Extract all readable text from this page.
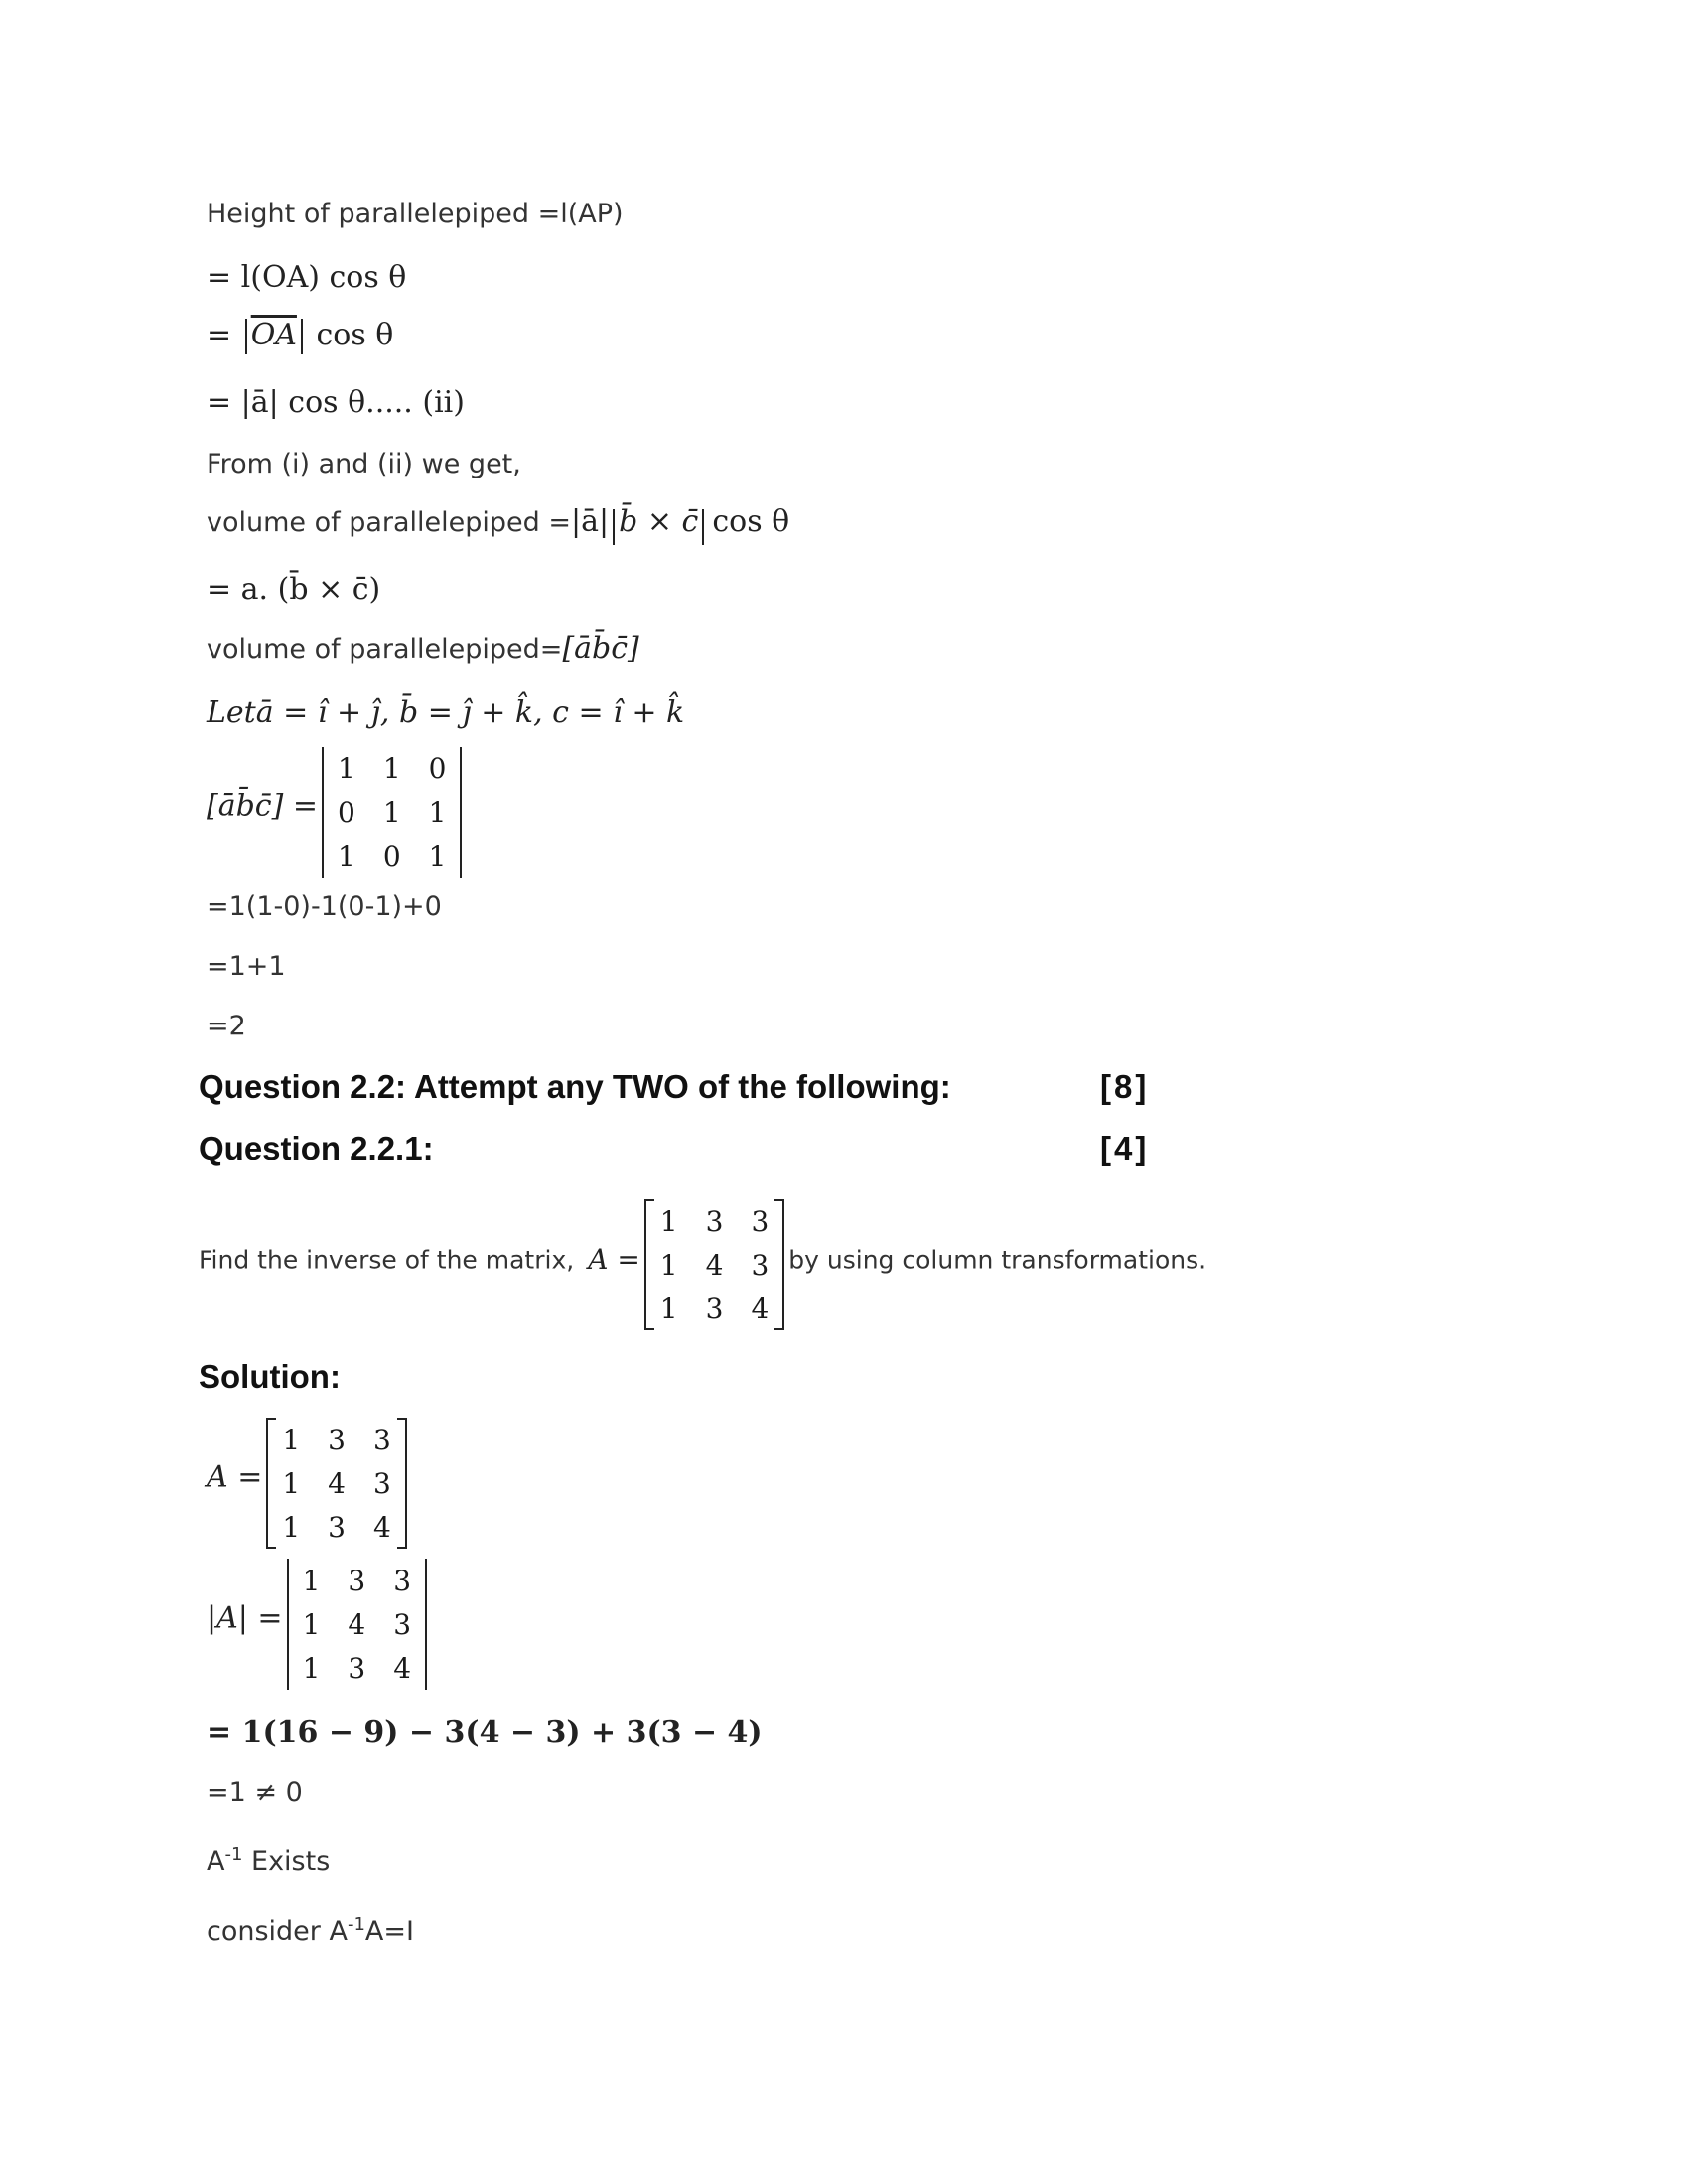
Height of parallelepiped =l(AP)
= l(OA) cos θ
= $\overline{OA}$ cos θ
= |ā| cos θ..... (ii)
From (i) and (ii) we get,
volume of parallelepiped =|ā| b̄ × c̄ cos θ
= a. (b̄ × c̄)
volume of parallelepiped=[āb̄c̄]
Letā = î + ĵ, b̄ = ĵ + k̂, c = î + k̂
[āb̄c̄] =
1	1	0
0	1	1
1	0	1
=1(1-0)-1(0-1)+0
=1+1
=2
Question 2.2: Attempt any TWO of the following:	[8]
Question 2.2.1:	[4]
Find the inverse of the matrix, A =
1	3	3
1	4	3
1	3	4
by using column transformations.
Solution:
A =
1	3	3
1	4	3
1	3	4
|A| =
1	3	3
1	4	3
1	3	4
= 1(16 − 9) − 3(4 − 3) + 3(3 − 4)
=1 ≠ 0
$A^{-1}$ Exists
consider $A^{-1}A=I$
